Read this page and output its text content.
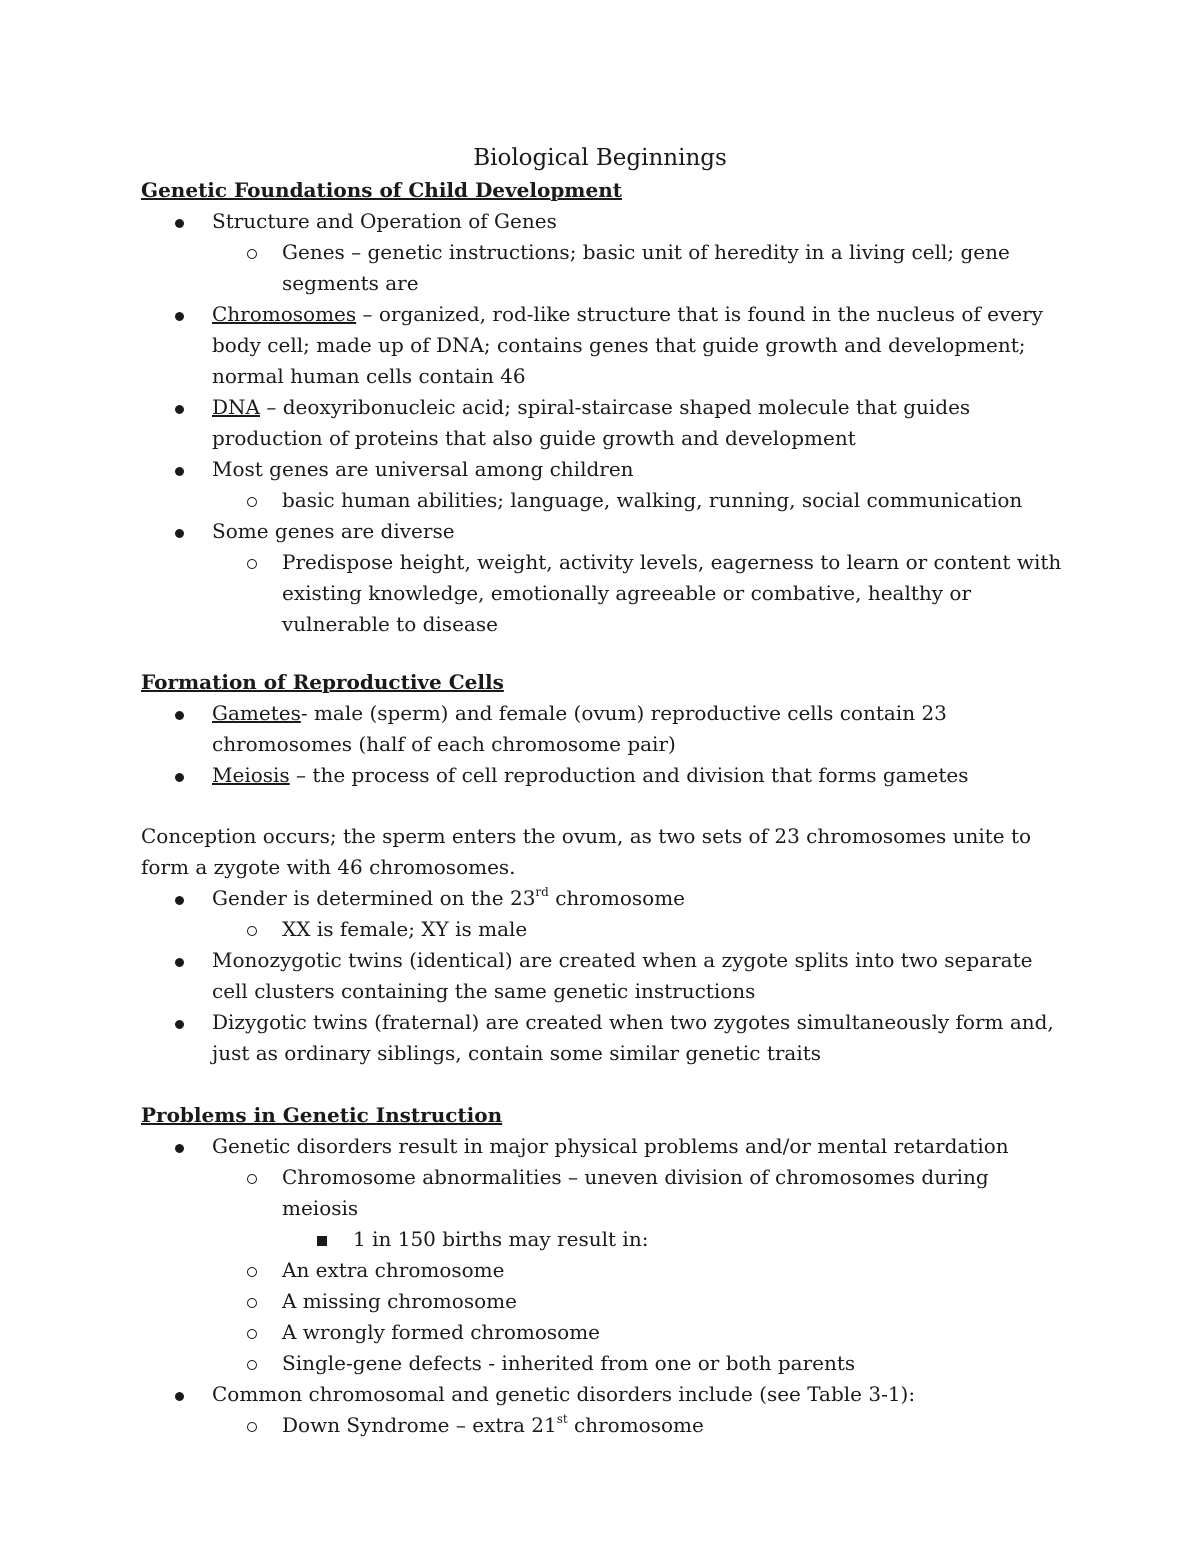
Biological Beginnings

Genetic Foundations of Child Development

Structure and Operation of Genes
Genes – genetic instructions; basic unit of heredity in a living cell; gene segments are
Chromosomes – organized, rod-like structure that is found in the nucleus of every body cell; made up of DNA; contains genes that guide growth and development; normal human cells contain 46
DNA – deoxyribonucleic acid; spiral-staircase shaped molecule that guides production of proteins that also guide growth and development
Most genes are universal among children
basic human abilities; language, walking, running, social communication
Some genes are diverse
Predispose height, weight, activity levels, eagerness to learn or content with existing knowledge, emotionally agreeable or combative, healthy or vulnerable to disease

Formation of Reproductive Cells

Gametes- male (sperm) and female (ovum) reproductive cells contain 23 chromosomes (half of each chromosome pair)
Meiosis – the process of cell reproduction and division that forms gametes

Conception occurs; the sperm enters the ovum, as two sets of 23 chromosomes unite to form a zygote with 46 chromosomes.

Gender is determined on the 23rd chromosome
XX is female; XY is male
Monozygotic twins (identical) are created when a zygote splits into two separate cell clusters containing the same genetic instructions
Dizygotic twins (fraternal) are created when two zygotes simultaneously form and, just as ordinary siblings, contain some similar genetic traits

Problems in Genetic Instruction

Genetic disorders result in major physical problems and/or mental retardation
Chromosome abnormalities – uneven division of chromosomes during meiosis
1 in 150 births may result in:
An extra chromosome
A missing chromosome
A wrongly formed chromosome
Single-gene defects - inherited from one or both parents
Common chromosomal and genetic disorders include (see Table 3-1):
Down Syndrome – extra 21st chromosome
